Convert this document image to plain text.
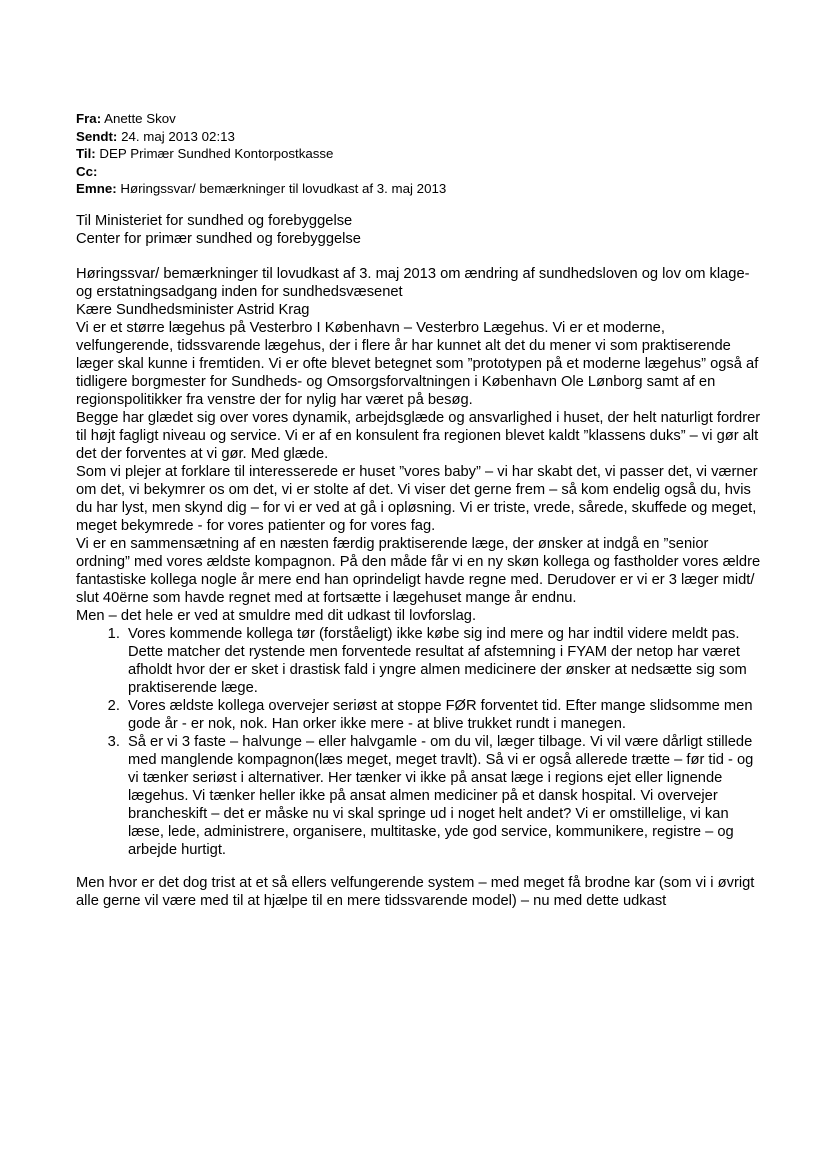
Fra: Anette Skov
Sendt: 24. maj 2013 02:13
Til: DEP Primær Sundhed Kontorpostkasse
Cc:
Emne: Høringssvar/ bemærkninger til lovudkast af 3. maj 2013

Til Ministeriet for sundhed og forebyggelse

Center for primær sundhed og forebyggelse

Høringssvar/ bemærkninger til lovudkast af 3. maj 2013 om ændring af sundhedsloven og lov om klage- og erstatningsadgang inden for sundhedsvæsenet

Kære Sundhedsminister Astrid Krag

Vi er et større lægehus på Vesterbro I København – Vesterbro Lægehus. Vi er et moderne, velfungerende, tidssvarende lægehus, der i flere år har kunnet alt det du mener vi som praktiserende læger skal kunne i fremtiden. Vi er ofte blevet betegnet som ”prototypen på et moderne lægehus” også af tidligere borgmester for Sundheds- og Omsorgsforvaltningen i København Ole Lønborg samt af en regionspolitikker fra venstre der for nylig har været på besøg.

Begge har glædet sig over vores dynamik, arbejdsglæde og ansvarlighed i huset, der helt naturligt fordrer til højt fagligt niveau og service. Vi er af en konsulent fra regionen blevet kaldt ”klassens duks” – vi gør alt det der forventes at vi gør. Med glæde.

Som vi plejer at forklare til interesserede er huset ”vores baby” – vi har skabt det, vi passer det, vi værner om det, vi bekymrer os om det, vi er stolte af det. Vi viser det gerne frem – så kom endelig også du, hvis du har lyst, men skynd dig – for vi er ved at gå i opløsning. Vi er triste, vrede, sårede, skuffede og meget, meget bekymrede - for vores patienter og for vores fag.

Vi er en sammensætning af en næsten færdig praktiserende læge, der ønsker at indgå en ”senior ordning” med vores ældste kompagnon. På den måde får vi en ny skøn kollega og fastholder vores ældre fantastiske kollega nogle år mere end han oprindeligt havde regne med. Derudover er vi er 3 læger midt/ slut 40ërne som havde regnet med at fortsætte i lægehuset mange år endnu.

Men – det hele er ved at smuldre med dit udkast til lovforslag.

1. Vores kommende kollega tør (forståeligt) ikke købe sig ind mere og har indtil videre meldt pas. Dette matcher det rystende men forventede resultat af afstemning i FYAM der netop har været afholdt hvor der er sket i drastisk fald i yngre almen medicinere der ønsker at nedsætte sig som praktiserende læge.
2. Vores ældste kollega overvejer seriøst at stoppe FØR forventet tid. Efter mange slidsomme men gode år - er nok, nok. Han orker ikke mere - at blive trukket rundt i manegen.
3. Så er vi 3 faste – halvunge – eller halvgamle - om du vil, læger tilbage. Vi vil være dårligt stillede med manglende kompagnon(læs meget, meget travlt). Så vi er også allerede trætte – før tid - og vi tænker seriøst i alternativer. Her tænker vi ikke på ansat læge i regions ejet eller lignende lægehus. Vi tænker heller ikke på ansat almen mediciner på et dansk hospital. Vi overvejer brancheskift – det er måske nu vi skal springe ud i noget helt andet? Vi er omstillelige, vi kan læse, lede, administrere, organisere, multitaske, yde god service, kommunikere, registre – og arbejde hurtigt.

Men hvor er det dog trist at et så ellers velfungerende system – med meget få brodne kar (som vi i øvrigt alle gerne vil være med til at hjælpe til en mere tidssvarende model) – nu med dette udkast
